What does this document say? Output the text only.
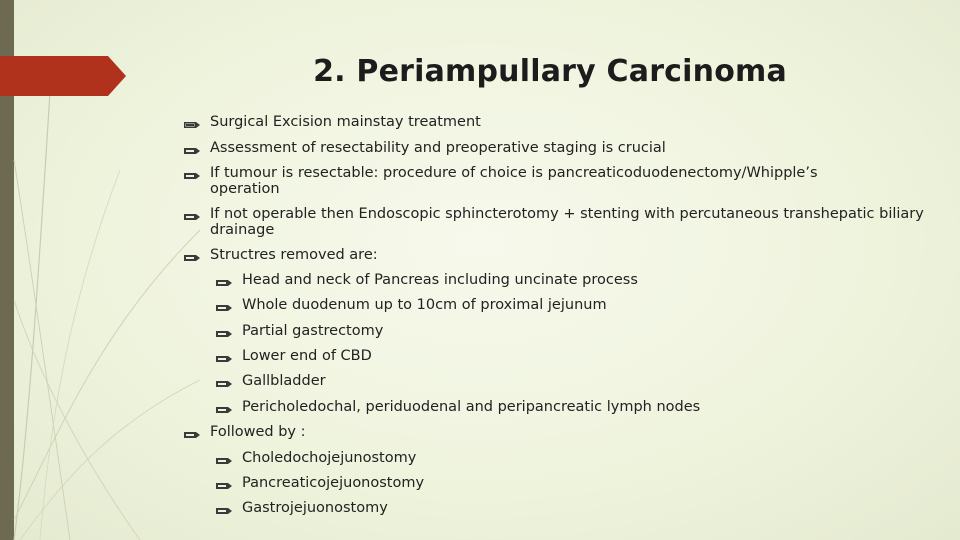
2. Periampullary Carcinoma
Surgical Excision mainstay treatment
Assessment of resectability and preoperative staging is crucial
If tumour is resectable: procedure of choice is pancreaticoduodenectomy/Whipple’s operation
If not operable then Endoscopic sphincterotomy + stenting with percutaneous transhepatic biliary drainage
Structres removed are:
Head and neck of Pancreas including uncinate process
Whole duodenum up to 10cm of proximal jejunum
Partial gastrectomy
Lower end of CBD
Gallbladder
Pericholedochal, periduodenal and peripancreatic lymph nodes
Followed by :
Choledochojejunostomy
Pancreaticojejuonostomy
Gastrojejuonostomy
